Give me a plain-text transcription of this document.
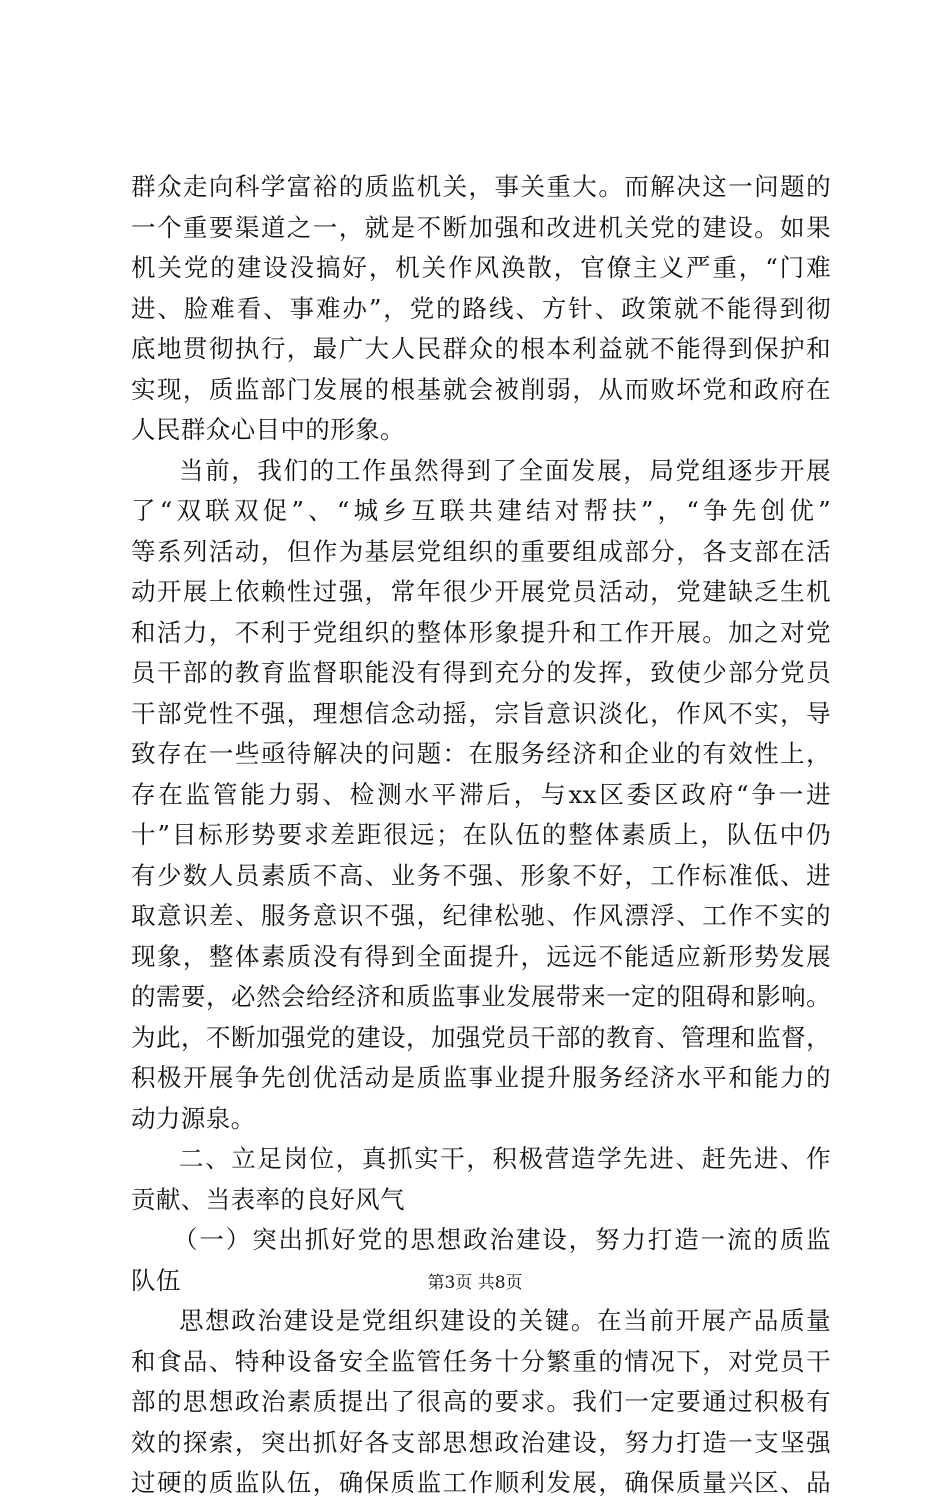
群众走向科学富裕的质监机关，事关重大。而解决这一问题的
一个重要渠道之一，就是不断加强和改进机关党的建设。如果
机关党的建设没搞好，机关作风涣散，官僚主义严重，“门难
进、脸难看、事难办”，党的路线、方针、政策就不能得到彻
底地贯彻执行，最广大人民群众的根本利益就不能得到保护和
实现，质监部门发展的根基就会被削弱，从而败坏党和政府在
人民群众心目中的形象。
当前，我们的工作虽然得到了全面发展，局党组逐步开展
了“双联双促”、“城乡互联共建结对帮扶”，“争先创优”
等系列活动，但作为基层党组织的重要组成部分，各支部在活
动开展上依赖性过强，常年很少开展党员活动，党建缺乏生机
和活力，不利于党组织的整体形象提升和工作开展。加之对党
员干部的教育监督职能没有得到充分的发挥，致使少部分党员
干部党性不强，理想信念动摇，宗旨意识淡化，作风不实，导
致存在一些亟待解决的问题：在服务经济和企业的有效性上，
存在监管能力弱、检测水平滞后，与xx区委区政府“争一进
十”目标形势要求差距很远；在队伍的整体素质上，队伍中仍
有少数人员素质不高、业务不强、形象不好，工作标准低、进
取意识差、服务意识不强，纪律松驰、作风漂浮、工作不实的
现象，整体素质没有得到全面提升，远远不能适应新形势发展
的需要，必然会给经济和质监事业发展带来一定的阻碍和影响。
为此，不断加强党的建设，加强党员干部的教育、管理和监督，
积极开展争先创优活动是质监事业提升服务经济水平和能力的
动力源泉。
二、立足岗位，真抓实干，积极营造学先进、赶先进、作
贡献、当表率的良好风气
（一）突出抓好党的思想政治建设，努力打造一流的质监
队伍
思想政治建设是党组织建设的关键。在当前开展产品质量
和食品、特种设备安全监管任务十分繁重的情况下，对党员干
部的思想政治素质提出了很高的要求。我们一定要通过积极有
效的探索，突出抓好各支部思想政治建设，努力打造一支坚强
过硬的质监队伍，确保质监工作顺利发展，确保质量兴区、品
第3页 共8页
